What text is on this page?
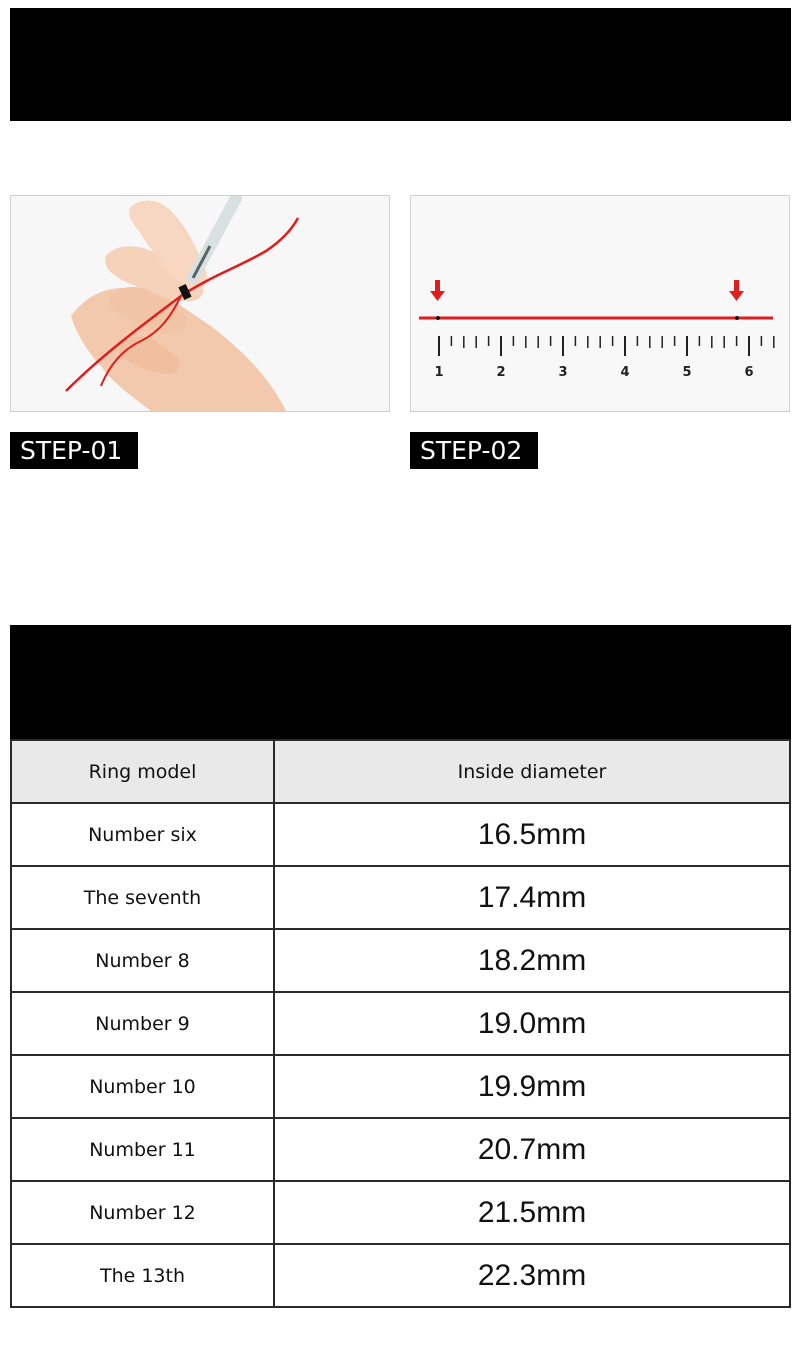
1	2	3	4	5	6
STEP-01	STEP-02
Ring model	Inside diameter
Number six	16.5mm
The seventh	17.4mm
Number 8	18.2mm
Number 9	19.0mm
Number 10	19.9mm
Number 11	20.7mm
Number 12	21.5mm
The 13th	22.3mm
